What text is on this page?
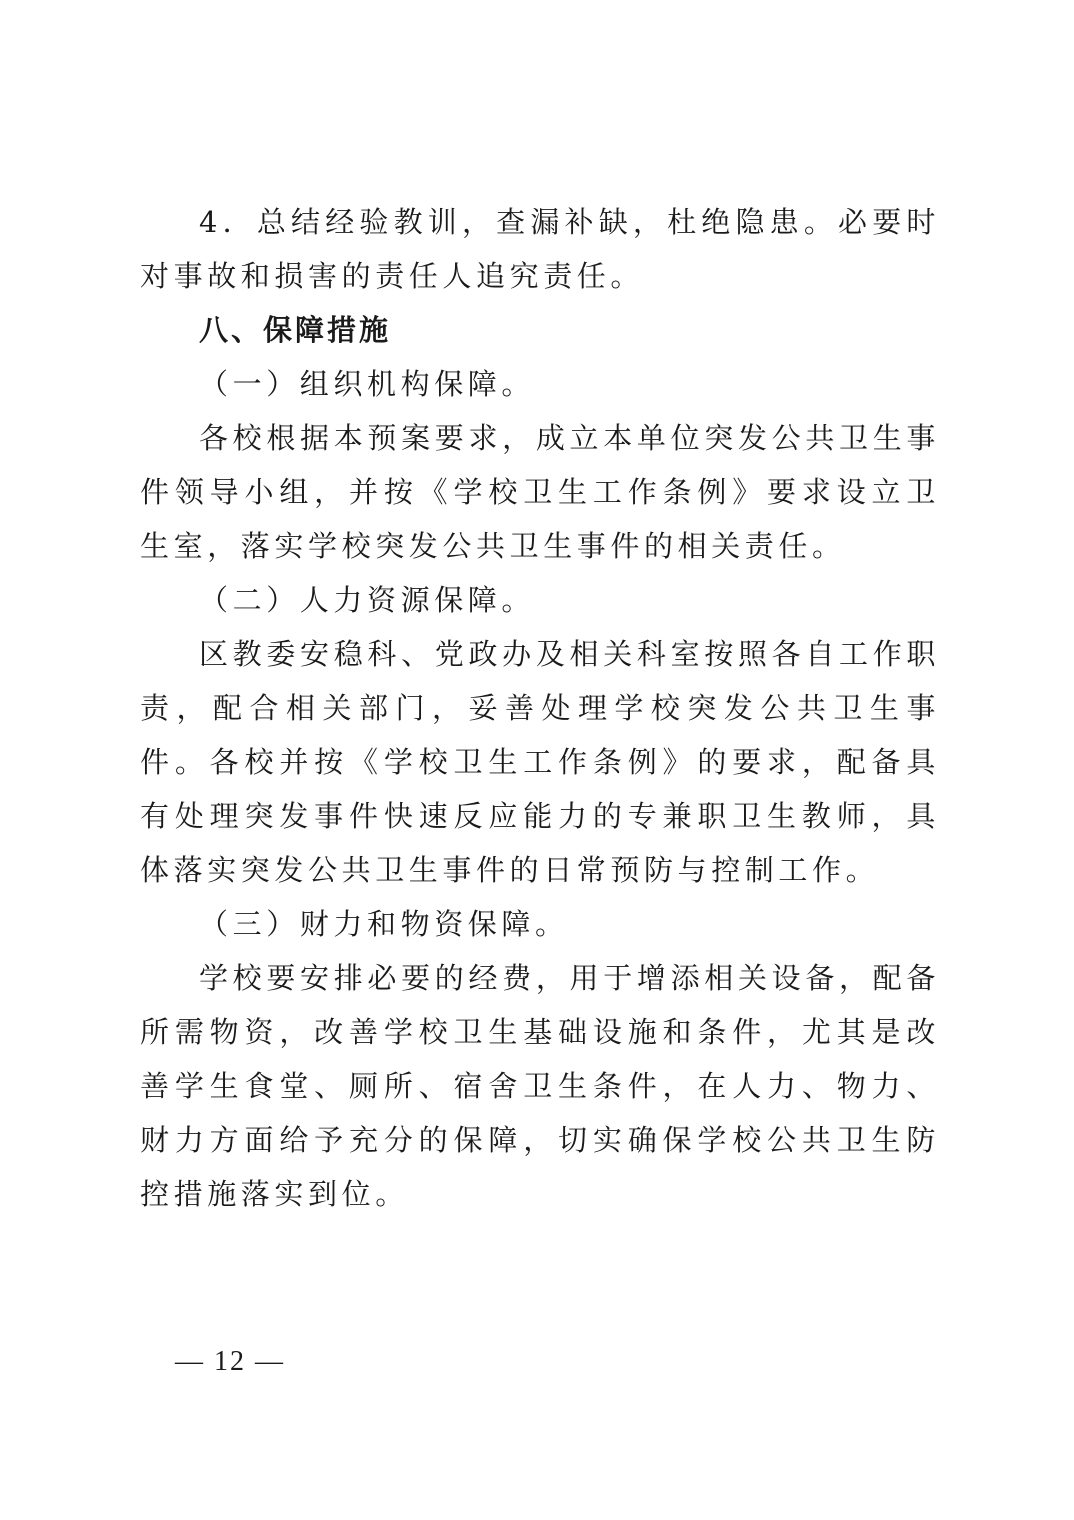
4．总结经验教训，查漏补缺，杜绝隐患。必要时对事故和损害的责任人追究责任。

八、保障措施

（一）组织机构保障。

各校根据本预案要求，成立本单位突发公共卫生事件领导小组，并按《学校卫生工作条例》要求设立卫生室，落实学校突发公共卫生事件的相关责任。

（二）人力资源保障。

区教委安稳科、党政办及相关科室按照各自工作职责，配合相关部门，妥善处理学校突发公共卫生事件。各校并按《学校卫生工作条例》的要求，配备具有处理突发事件快速反应能力的专兼职卫生教师，具体落实突发公共卫生事件的日常预防与控制工作。

（三）财力和物资保障。

学校要安排必要的经费，用于增添相关设备，配备所需物资，改善学校卫生基础设施和条件，尤其是改善学生食堂、厕所、宿舍卫生条件，在人力、物力、财力方面给予充分的保障，切实确保学校公共卫生防控措施落实到位。

— 12 —
